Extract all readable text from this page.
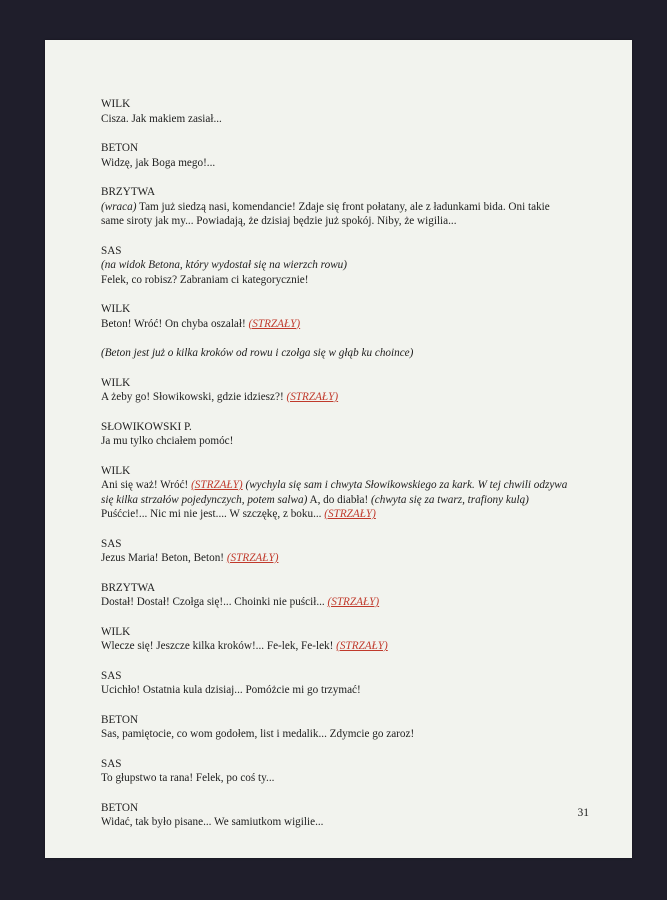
WILK
Cisza. Jak makiem zasiał...
BETON
Widzę, jak Boga mego!...
BRZYTWA
(wraca) Tam już siedzą nasi, komendancie! Zdaje się front połatany, ale z ładunkami bida. Oni takie same siroty jak my... Powiadają, że dzisiaj będzie już spokój. Niby, że wigilia...
SAS
(na widok Betona, który wydostał się na wierzch rowu)
Felek, co robisz? Zabraniam ci kategorycznie!
WILK
Beton! Wróć! On chyba oszalał! (STRZAŁY)
(Beton jest już o kilka kroków od rowu i czołga się w głąb ku choince)
WILK
A żeby go! Słowikowski, gdzie idziesz?! (STRZAŁY)
SŁOWIKOWSKI P.
Ja mu tylko chciałem pomóc!
WILK
Ani się waż! Wróć! (STRZAŁY) (wychyla się sam i chwyta Słowikowskiego za kark. W tej chwili odzywa się kilka strzałów pojedynczych, potem salwa) A, do diabła! (chwyta się za twarz, trafiony kulą) Puśćcie!... Nic mi nie jest.... W szczękę, z boku... (STRZAŁY)
SAS
Jezus Maria! Beton, Beton! (STRZAŁY)
BRZYTWA
Dostał! Dostał! Czołga się!... Choinki nie puścił... (STRZAŁY)
WILK
Wlecze się! Jeszcze kilka kroków!... Fe-lek, Fe-lek! (STRZAŁY)
SAS
Ucichło! Ostatnia kula dzisiaj... Pomóżcie mi go trzymać!
BETON
Sas, pamiętocie, co wom godołem, list i medalik... Zdymcie go zaroz!
SAS
To głupstwo ta rana! Felek, po coś ty...
BETON
Widać, tak było pisane... We samiutkom wigilie...
31
